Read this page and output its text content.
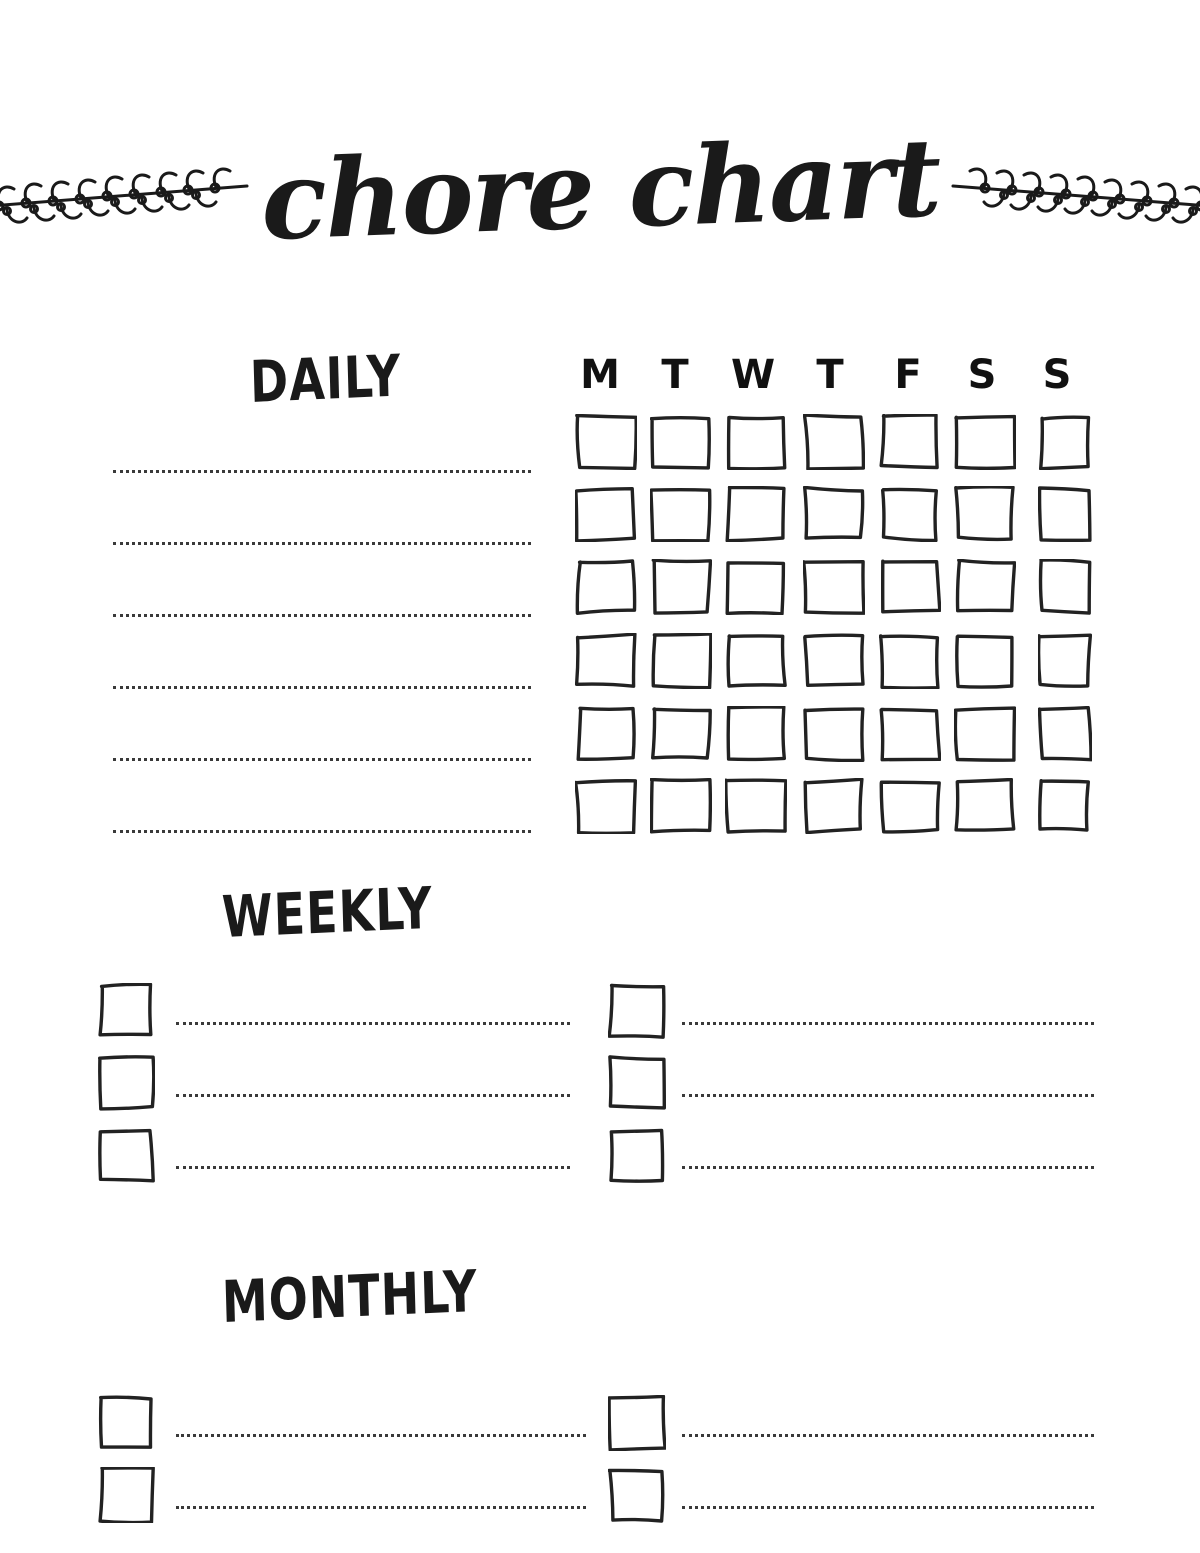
chore chart
DAILY	M	T	W	T	F	S	S
WEEKLY
MONTHLY
